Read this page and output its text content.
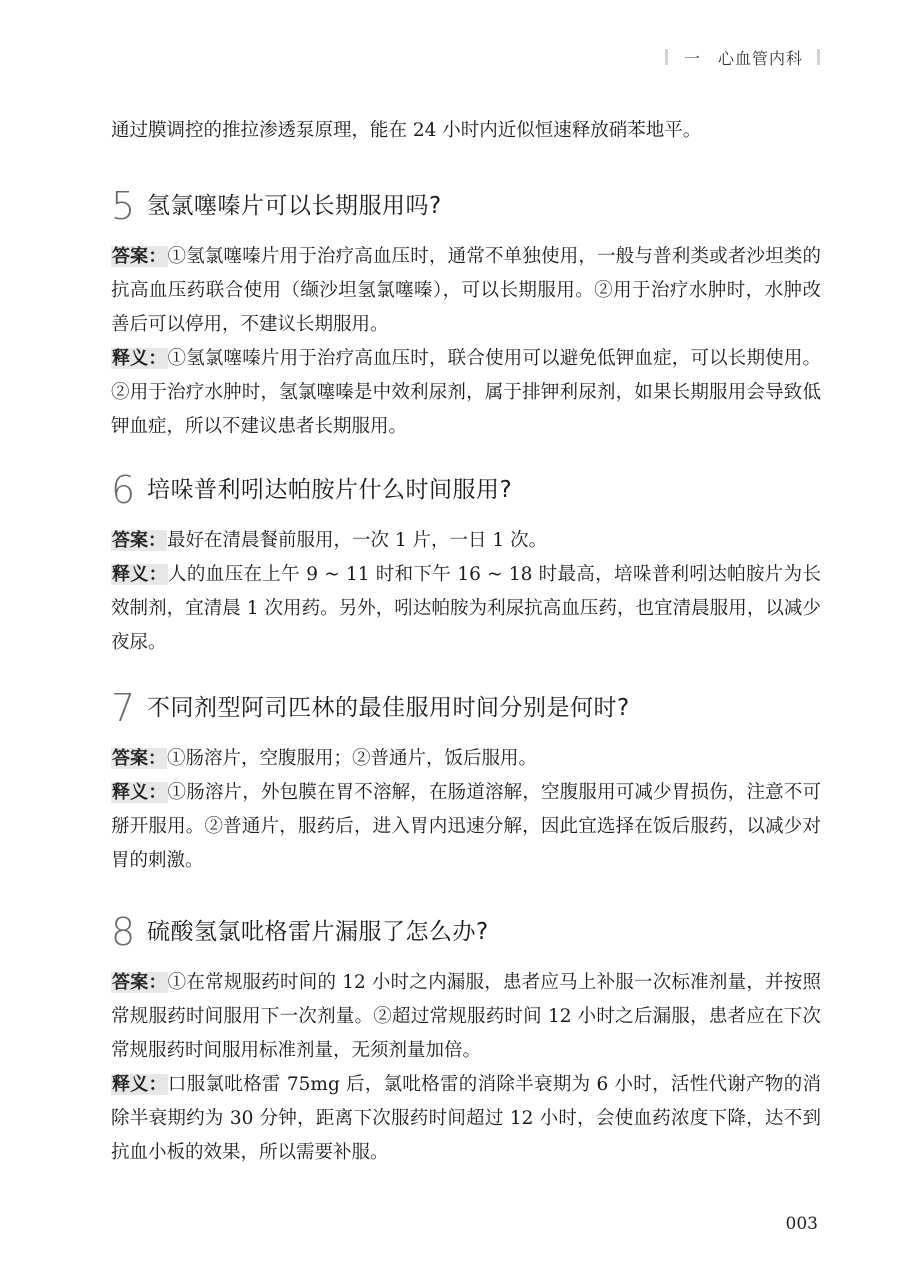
一 心血管内科

通过膜调控的推拉渗透泵原理，能在 24 小时内近似恒速释放硝苯地平。

5 氢氯噻嗪片可以长期服用吗?

答案：①氢氯噻嗪片用于治疗高血压时，通常不单独使用，一般与普利类或者沙坦类的抗高血压药联合使用（缬沙坦氢氯噻嗪），可以长期服用。②用于治疗水肿时，水肿改善后可以停用，不建议长期服用。

释义：①氢氯噻嗪片用于治疗高血压时，联合使用可以避免低钾血症，可以长期使用。②用于治疗水肿时，氢氯噻嗪是中效利尿剂，属于排钾利尿剂，如果长期服用会导致低钾血症，所以不建议患者长期服用。

6 培哚普利吲达帕胺片什么时间服用?

答案：最好在清晨餐前服用，一次 1 片，一日 1 次。

释义：人的血压在上午 9 ~ 11 时和下午 16 ~ 18 时最高，培哚普利吲达帕胺片为长效制剂，宜清晨 1 次用药。另外，吲达帕胺为利尿抗高血压药，也宜清晨服用，以减少夜尿。

7 不同剂型阿司匹林的最佳服用时间分别是何时?

答案：①肠溶片，空腹服用；②普通片，饭后服用。

释义：①肠溶片，外包膜在胃不溶解，在肠道溶解，空腹服用可减少胃损伤，注意不可掰开服用。②普通片，服药后，进入胃内迅速分解，因此宜选择在饭后服药，以减少对胃的刺激。

8 硫酸氢氯吡格雷片漏服了怎么办?

答案：①在常规服药时间的 12 小时之内漏服，患者应马上补服一次标准剂量，并按照常规服药时间服用下一次剂量。②超过常规服药时间 12 小时之后漏服，患者应在下次常规服药时间服用标准剂量，无须剂量加倍。

释义：口服氯吡格雷 75mg 后，氯吡格雷的消除半衰期为 6 小时，活性代谢产物的消除半衰期约为 30 分钟，距离下次服药时间超过 12 小时，会使血药浓度下降，达不到抗血小板的效果，所以需要补服。

003
